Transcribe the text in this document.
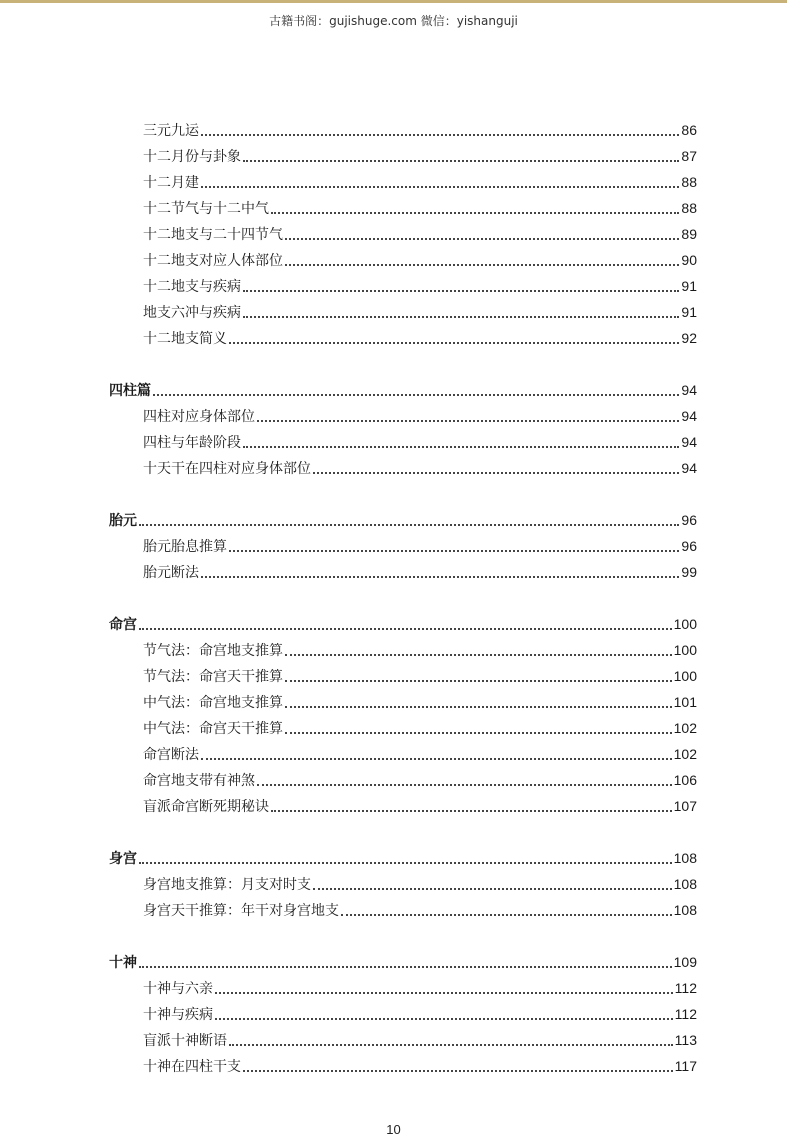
古籍书阁：gujishuge.com 微信：yishanguji
三元九运	86
十二月份与卦象	87
十二月建	88
十二节气与十二中气	88
十二地支与二十四节气	89
十二地支对应人体部位	90
十二地支与疾病	91
地支六冲与疾病	91
十二地支简义	92
四柱篇	94
四柱对应身体部位	94
四柱与年龄阶段	94
十天干在四柱对应身体部位	94
胎元	96
胎元胎息推算	96
胎元断法	99
命宫	100
节气法：命宫地支推算	100
节气法：命宫天干推算	100
中气法：命宫地支推算	101
中气法：命宫天干推算	102
命宫断法	102
命宫地支带有神煞	106
盲派命宫断死期秘诀	107
身宫	108
身宫地支推算：月支对时支	108
身宫天干推算：年干对身宫地支	108
十神	109
十神与六亲	112
十神与疾病	112
盲派十神断语	113
十神在四柱干支	117
10
